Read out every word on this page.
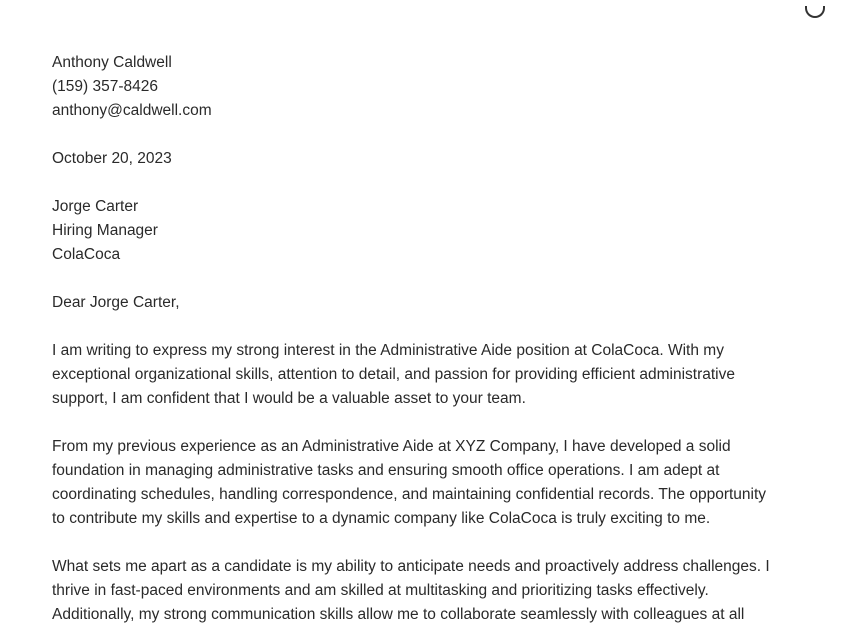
Anthony Caldwell
(159) 357-8426
anthony@caldwell.com
October 20, 2023
Jorge Carter
Hiring Manager
ColaCoca
Dear Jorge Carter,
I am writing to express my strong interest in the Administrative Aide position at ColaCoca. With my
exceptional organizational skills, attention to detail, and passion for providing efficient administrative
support, I am confident that I would be a valuable asset to your team.
From my previous experience as an Administrative Aide at XYZ Company, I have developed a solid
foundation in managing administrative tasks and ensuring smooth office operations. I am adept at
coordinating schedules, handling correspondence, and maintaining confidential records. The opportunity
to contribute my skills and expertise to a dynamic company like ColaCoca is truly exciting to me.
What sets me apart as a candidate is my ability to anticipate needs and proactively address challenges. I
thrive in fast-paced environments and am skilled at multitasking and prioritizing tasks effectively.
Additionally, my strong communication skills allow me to collaborate seamlessly with colleagues at all
